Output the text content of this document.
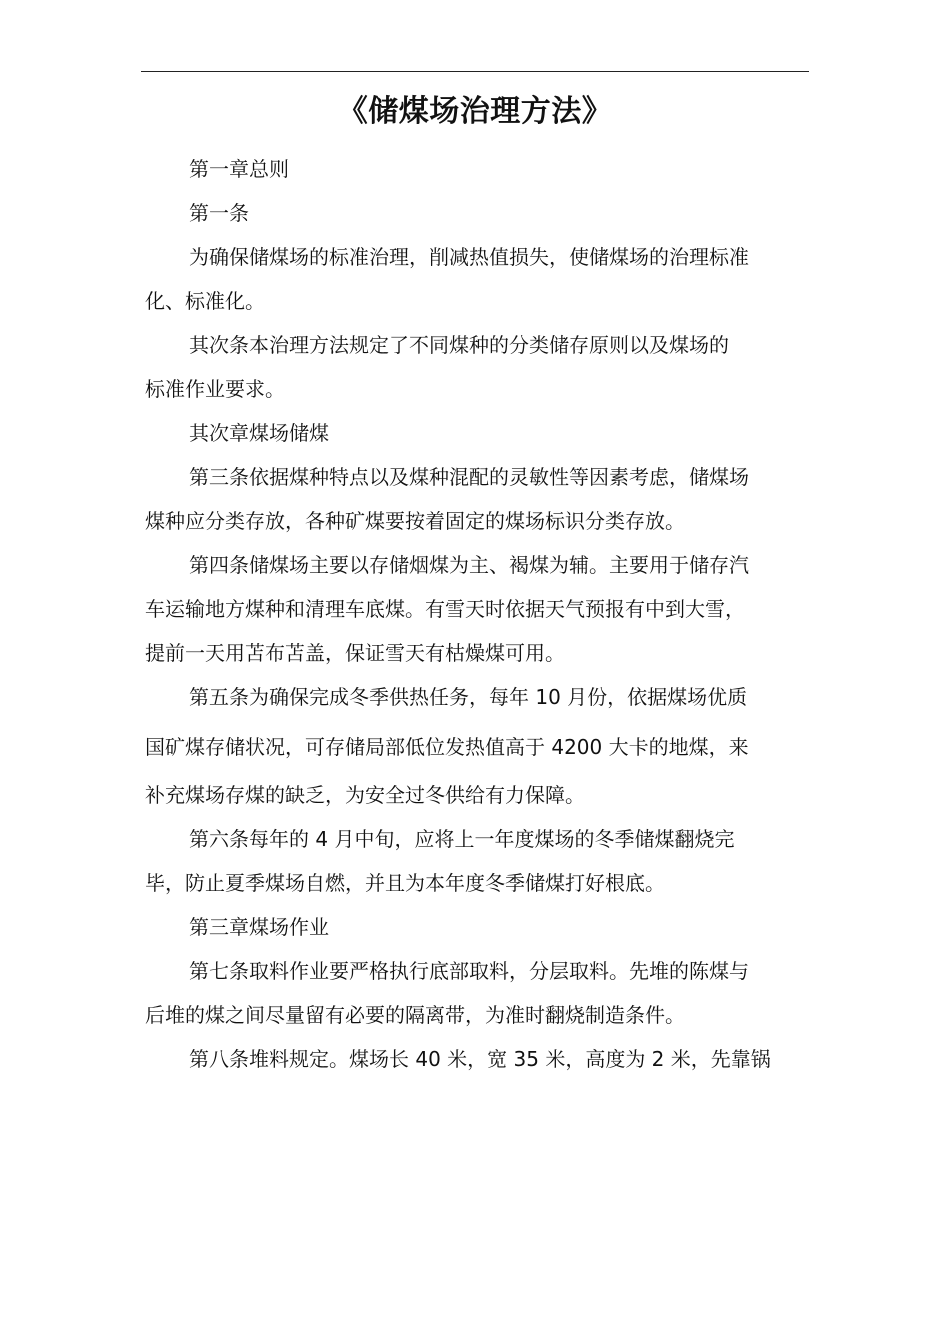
《储煤场治理方法》
第一章总则
第一条
为确保储煤场的标准治理，削减热值损失，使储煤场的治理标准
化、标准化。
其次条本治理方法规定了不同煤种的分类储存原则以及煤场的
标准作业要求。
其次章煤场储煤
第三条依据煤种特点以及煤种混配的灵敏性等因素考虑，储煤场
煤种应分类存放，各种矿煤要按着固定的煤场标识分类存放。
第四条储煤场主要以存储烟煤为主、褐煤为辅。主要用于储存汽
车运输地方煤种和清理车底煤。有雪天时依据天气预报有中到大雪，
提前一天用苫布苫盖，保证雪天有枯燥煤可用。
第五条为确保完成冬季供热任务，每年 10 月份，依据煤场优质
国矿煤存储状况，可存储局部低位发热值高于 4200 大卡的地煤，来
补充煤场存煤的缺乏，为安全过冬供给有力保障。
第六条每年的 4 月中旬，应将上一年度煤场的冬季储煤翻烧完
毕，防止夏季煤场自燃，并且为本年度冬季储煤打好根底。
第三章煤场作业
第七条取料作业要严格执行底部取料，分层取料。先堆的陈煤与
后堆的煤之间尽量留有必要的隔离带，为准时翻烧制造条件。
第八条堆料规定。煤场长 40 米，宽 35 米，高度为 2 米，先靠锅
